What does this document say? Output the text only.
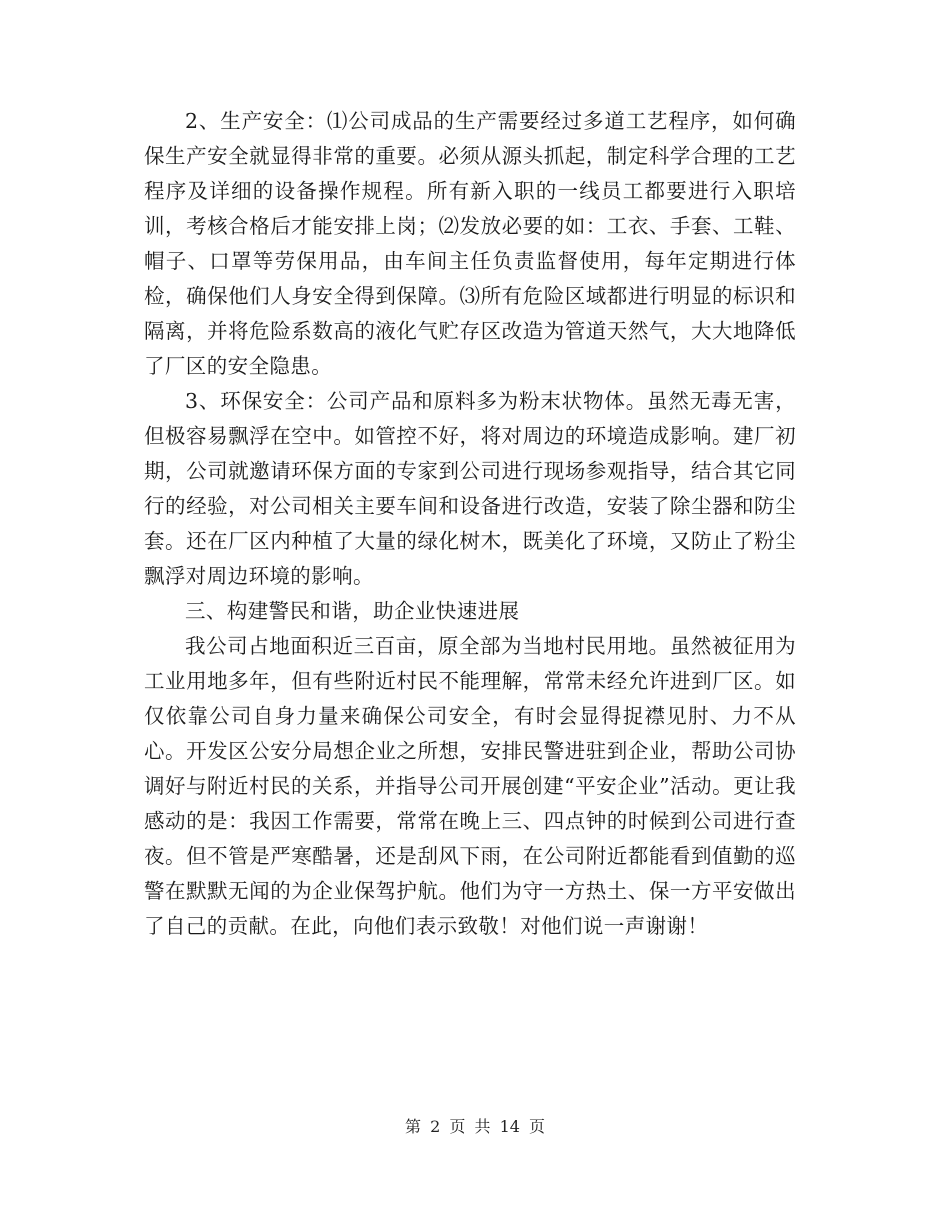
2、生产安全：⑴公司成品的生产需要经过多道工艺程序，如何确保生产安全就显得非常的重要。必须从源头抓起，制定科学合理的工艺程序及详细的设备操作规程。所有新入职的一线员工都要进行入职培训，考核合格后才能安排上岗；⑵发放必要的如：工衣、手套、工鞋、帽子、口罩等劳保用品，由车间主任负责监督使用，每年定期进行体检，确保他们人身安全得到保障。⑶所有危险区域都进行明显的标识和隔离，并将危险系数高的液化气贮存区改造为管道天然气，大大地降低了厂区的安全隐患。

3、环保安全：公司产品和原料多为粉末状物体。虽然无毒无害，但极容易飘浮在空中。如管控不好，将对周边的环境造成影响。建厂初期，公司就邀请环保方面的专家到公司进行现场参观指导，结合其它同行的经验，对公司相关主要车间和设备进行改造，安装了除尘器和防尘套。还在厂区内种植了大量的绿化树木，既美化了环境，又防止了粉尘飘浮对周边环境的影响。

三、构建警民和谐，助企业快速进展

我公司占地面积近三百亩，原全部为当地村民用地。虽然被征用为工业用地多年，但有些附近村民不能理解，常常未经允许进到厂区。如仅依靠公司自身力量来确保公司安全，有时会显得捉襟见肘、力不从心。开发区公安分局想企业之所想，安排民警进驻到企业，帮助公司协调好与附近村民的关系，并指导公司开展创建“平安企业”活动。更让我感动的是：我因工作需要，常常在晚上三、四点钟的时候到公司进行查夜。但不管是严寒酷暑，还是刮风下雨，在公司附近都能看到值勤的巡警在默默无闻的为企业保驾护航。他们为守一方热土、保一方平安做出了自己的贡献。在此，向他们表示致敬！对他们说一声谢谢！

第 2 页 共 14 页
